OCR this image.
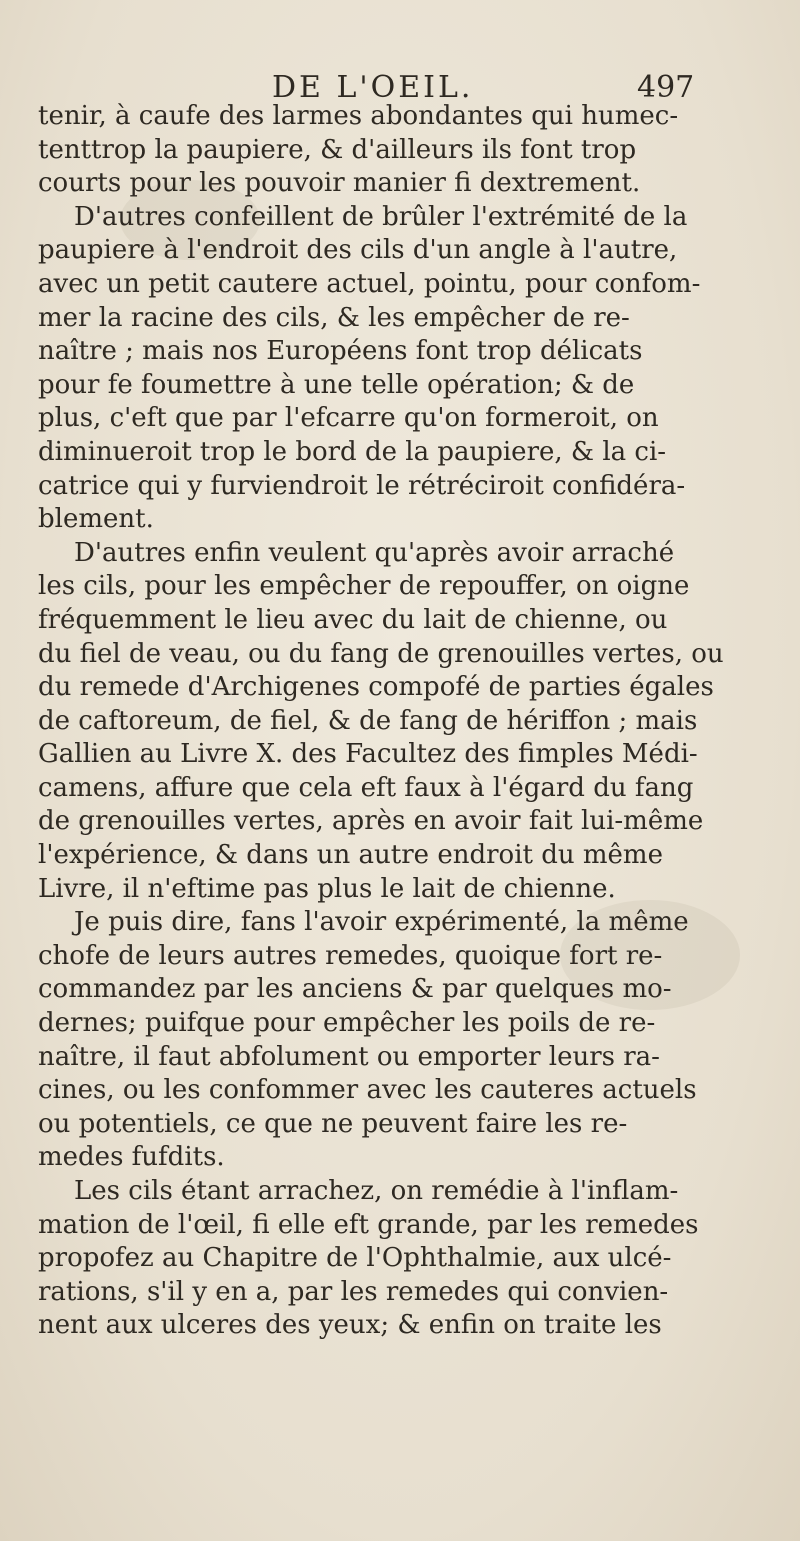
DE L'OEIL.	497
tenir, à caufe des larmes abondantes qui humec-
tenttrop la paupiere, & d'ailleurs ils font trop
courts pour les pouvoir manier fi dextrement.
D'autres confeillent de brûler l'extrémité de la
paupiere à l'endroit des cils d'un angle à l'autre,
avec un petit cautere actuel, pointu, pour confom-
mer la racine des cils, & les empêcher de re-
naître ; mais nos Européens font trop délicats
pour fe foumettre à une telle opération; & de
plus, c'eft que par l'efcarre qu'on formeroit, on
diminueroit trop le bord de la paupiere, & la ci-
catrice qui y furviendroit le rétréciroit confidéra-
blement.
D'autres enfin veulent qu'après avoir arraché
les cils, pour les empêcher de repouffer, on oigne
fréquemment le lieu avec du lait de chienne, ou
du fiel de veau, ou du fang de grenouilles vertes, ou
du remede d'Archigenes compofé de parties égales
de caftoreum, de fiel, & de fang de hériffon ; mais
Gallien au Livre X. des Facultez des fimples Médi-
camens, affure que cela eft faux à l'égard du fang
de grenouilles vertes, après en avoir fait lui-même
l'expérience, & dans un autre endroit du même
Livre, il n'eftime pas plus le lait de chienne.
Je puis dire, fans l'avoir expérimenté, la même
chofe de leurs autres remedes, quoique fort re-
commandez par les anciens & par quelques mo-
dernes; puifque pour empêcher les poils de re-
naître, il faut abfolument ou emporter leurs ra-
cines, ou les confommer avec les cauteres actuels
ou potentiels, ce que ne peuvent faire les re-
medes fufdits.
Les cils étant arrachez, on remédie à l'inflam-
mation de l'œil, fi elle eft grande, par les remedes
propofez au Chapitre de l'Ophthalmie, aux ulcé-
rations, s'il y en a, par les remedes qui convien-
nent aux ulceres des yeux; & enfin on traite les
